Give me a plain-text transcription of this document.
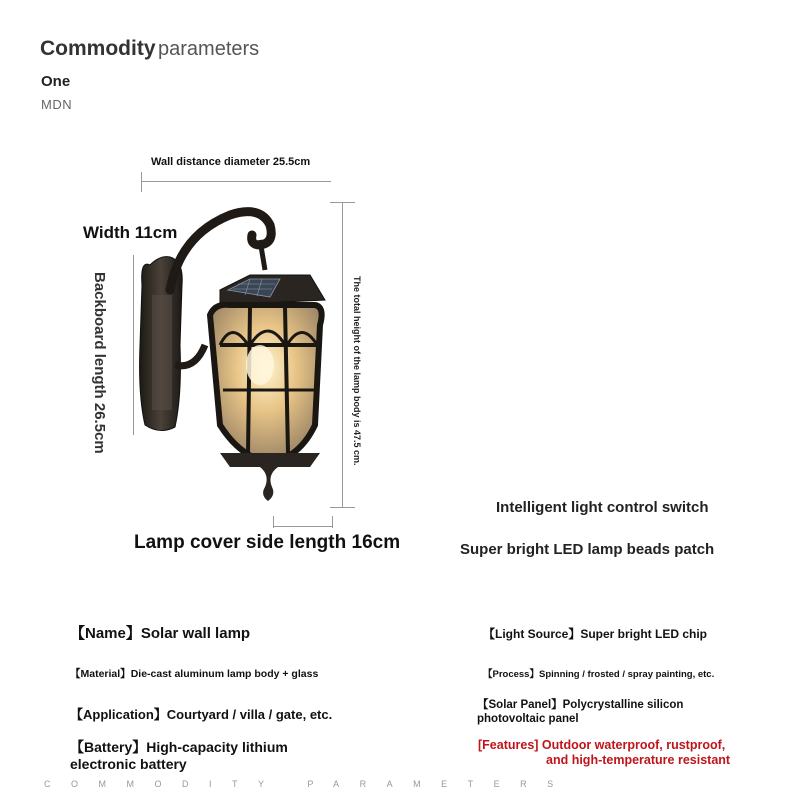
Commodity parameters
One
MDN
Wall distance diameter 25.5cm
Width 11cm
Backboard length 26.5cm	The total height of the lamp body is 47.5 cm.
Lamp cover side length 16cm
Intelligent light control switch
Super bright LED lamp beads patch
【Name】Solar wall lamp
【Material】Die-cast aluminum lamp body + glass
【Application】Courtyard / villa / gate, etc.
【Battery】High-capacity lithium electronic battery
【Light Source】Super bright LED chip
【Process】Spinning / frosted / spray painting, etc.
【Solar Panel】Polycrystalline silicon photovoltaic panel
[Features] Outdoor waterproof, rustproof,
and high-temperature resistant
COMMODITY PARAMETERS
